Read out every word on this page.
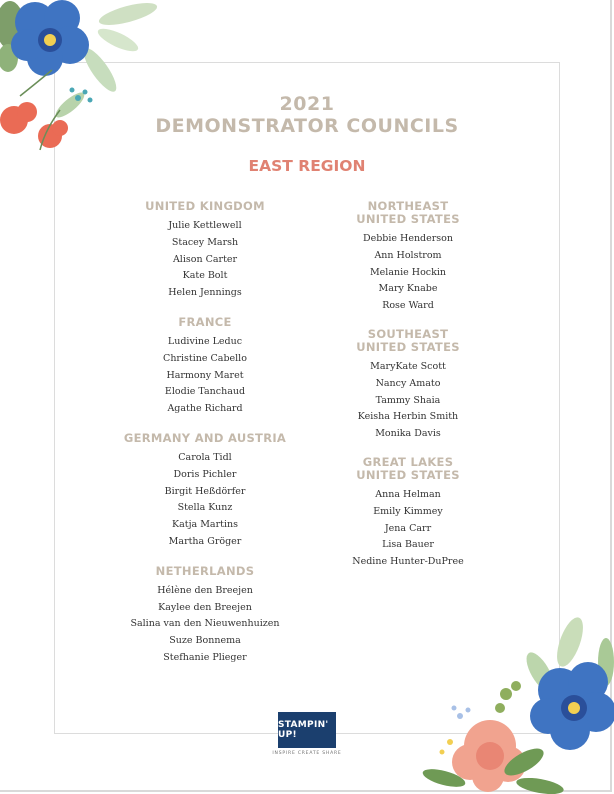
2021
DEMONSTRATOR COUNCILS
EAST REGION
UNITED KINGDOM
Julie Kettlewell
Stacey Marsh
Alison Carter
Kate Bolt
Helen Jennings
FRANCE
Ludivine Leduc
Christine Cabello
Harmony Maret
Elodie Tanchaud
Agathe Richard
GERMANY AND AUSTRIA
Carola Tidl
Doris Pichler
Birgit Heßdörfer
Stella Kunz
Katja Martins
Martha Gröger
NETHERLANDS
Hélène den Breejen
Kaylee den Breejen
Salina van den Nieuwenhuizen
Suze Bonnema
Stefhanie Plieger
NORTHEAST
UNITED STATES
Debbie Henderson
Ann Holstrom
Melanie Hockin
Mary Knabe
Rose Ward
SOUTHEAST
UNITED STATES
MaryKate Scott
Nancy Amato
Tammy Shaia
Keisha Herbin Smith
Monika Davis
GREAT LAKES
UNITED STATES
Anna Helman
Emily Kimmey
Jena Carr
Lisa Bauer
Nedine Hunter-DuPree
STAMPIN' UP!
INSPIRE CREATE SHARE
